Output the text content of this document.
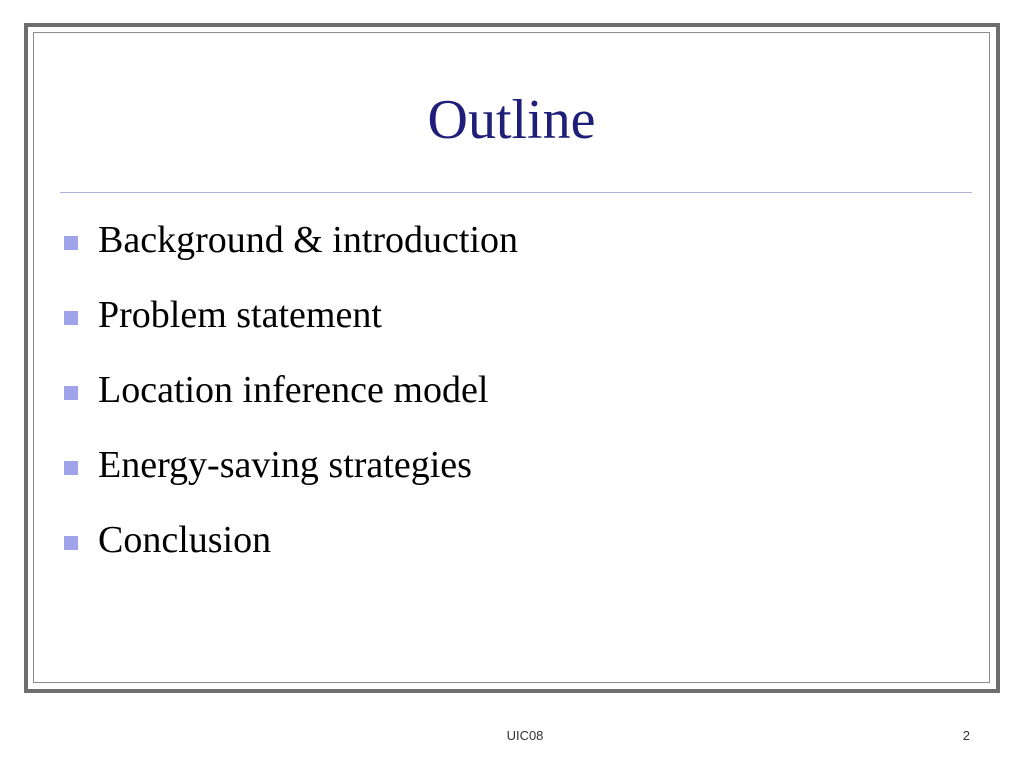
Outline
Background & introduction
Problem statement
Location inference model
Energy-saving strategies
Conclusion
UIC08	2
